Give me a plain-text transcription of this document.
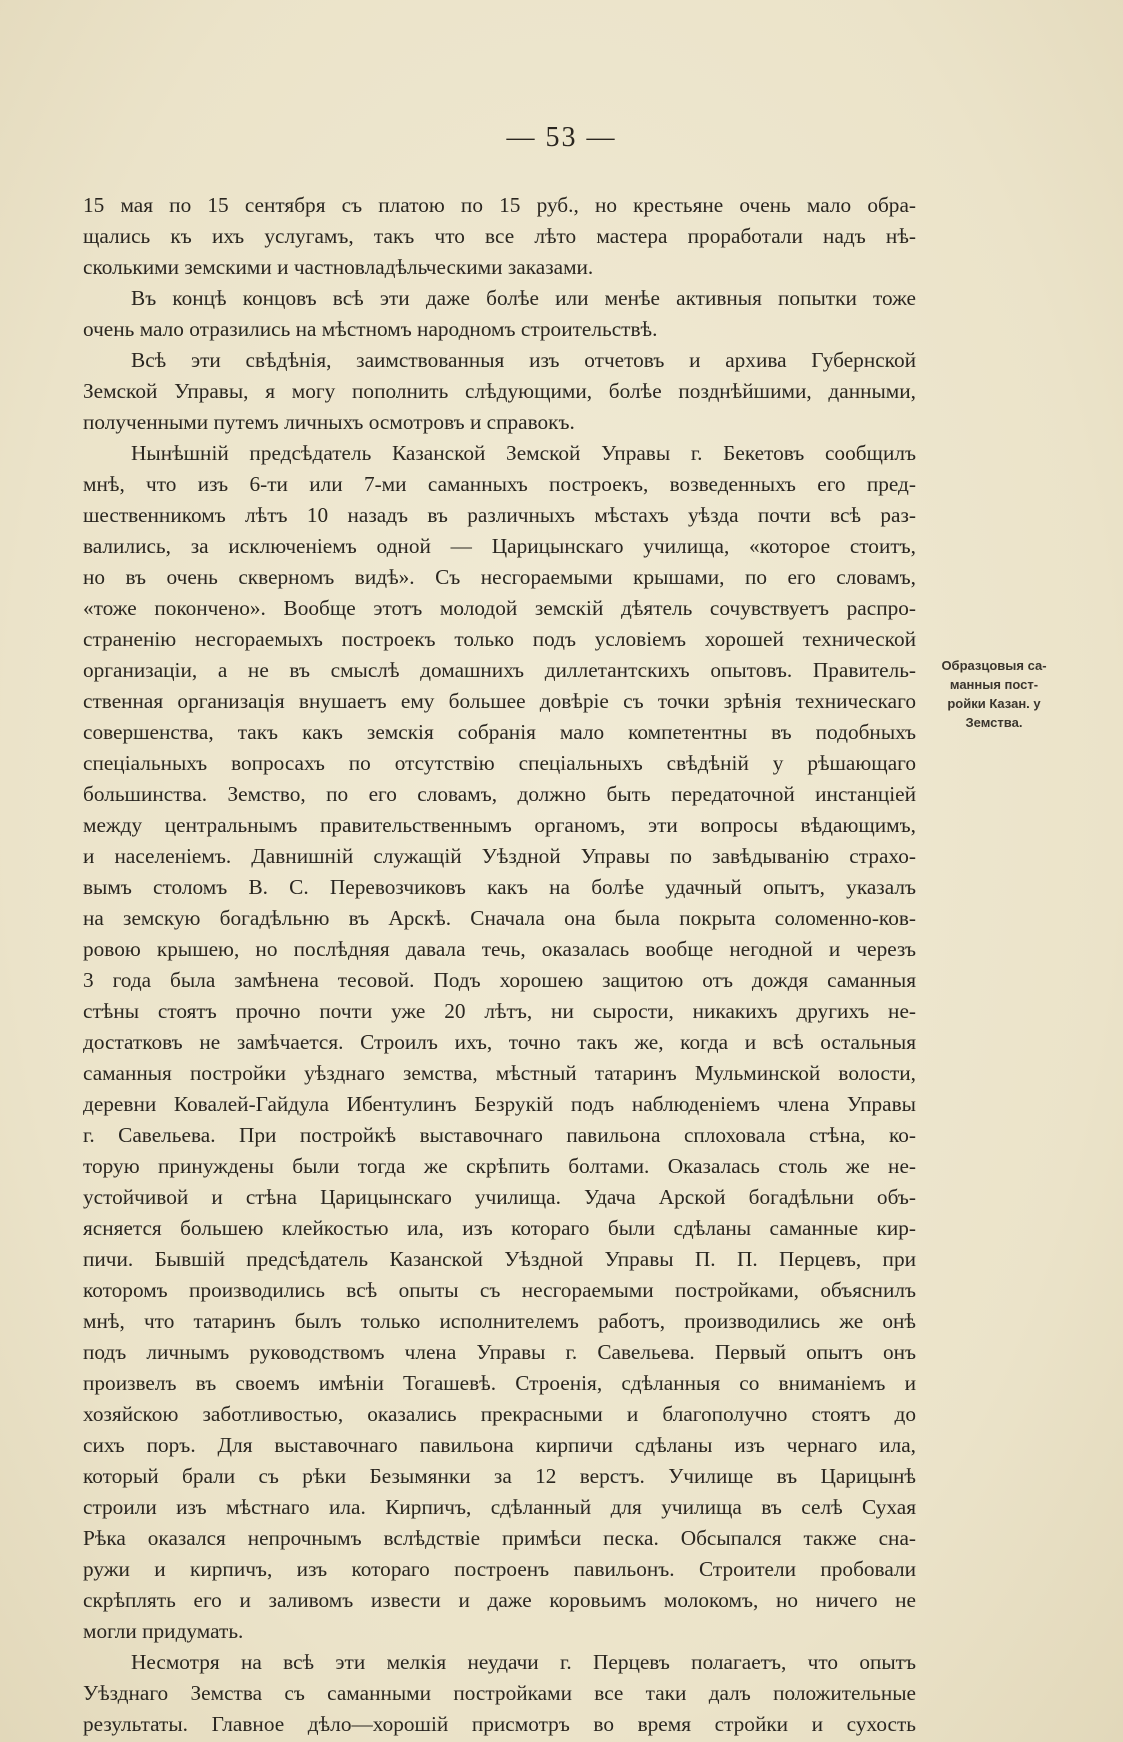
— 53 —
15 мая по 15 сентября съ платою по 15 руб., но крестьяне очень мало обра-
щались къ ихъ услугамъ, такъ что все лѣто мастера проработали надъ нѣ-
сколькими земскими и частновладѣльческими заказами.
Въ концѣ концовъ всѣ эти даже болѣе или менѣе активныя попытки тоже
очень мало отразились на мѣстномъ народномъ строительствѣ.
Всѣ эти свѣдѣнія, заимствованныя изъ отчетовъ и архива Губернской
Земской Управы, я могу пополнить слѣдующими, болѣе позднѣйшими, данными,
полученными путемъ личныхъ осмотровъ и справокъ.
Нынѣшній предсѣдатель Казанской Земской Управы г. Бекетовъ сообщилъ
мнѣ, что изъ 6-ти или 7-ми саманныхъ построекъ, возведенныхъ его пред-
шественникомъ лѣтъ 10 назадъ въ различныхъ мѣстахъ уѣзда почти всѣ раз-
валились, за исключеніемъ одной — Царицынскаго училища, «которое стоитъ,
но въ очень скверномъ видѣ». Съ несгораемыми крышами, по его словамъ,
«тоже покончено». Вообще этотъ молодой земскій дѣятель сочувствуетъ распро-
страненію несгораемыхъ построекъ только подъ условіемъ хорошей технической
организаціи, а не въ смыслѣ домашнихъ диллетантскихъ опытовъ. Правитель-
ственная организація внушаетъ ему большее довѣріе съ точки зрѣнія техническаго
совершенства, такъ какъ земскія собранія мало компетентны въ подобныхъ
спеціальныхъ вопросахъ по отсутствію спеціальныхъ свѣдѣній у рѣшающаго
большинства. Земство, по его словамъ, должно быть передаточной инстанціей
между центральнымъ правительственнымъ органомъ, эти вопросы вѣдающимъ,
и населеніемъ. Давнишній служащій Уѣздной Управы по завѣдыванію страхо-
вымъ столомъ В. С. Перевозчиковъ какъ на болѣе удачный опытъ, указалъ
на земскую богадѣльню въ Арскѣ. Сначала она была покрыта соломенно-ков-
ровою крышею, но послѣдняя давала течь, оказалась вообще негодной и черезъ
3 года была замѣнена тесовой. Подъ хорошею защитою отъ дождя саманныя
стѣны стоятъ прочно почти уже 20 лѣтъ, ни сырости, никакихъ другихъ не-
достатковъ не замѣчается. Строилъ ихъ, точно такъ же, когда и всѣ остальныя
саманныя постройки уѣзднаго земства, мѣстный татаринъ Мульминской волости,
деревни Ковалей-Гайдула Ибентулинъ Безрукій подъ наблюденіемъ члена Управы
г. Савельева. При постройкѣ выставочнаго павильона сплоховала стѣна, ко-
торую принуждены были тогда же скрѣпить болтами. Оказалась столь же не-
устойчивой и стѣна Царицынскаго училища. Удача Арской богадѣльни объ-
ясняется большею клейкостью ила, изъ котораго были сдѣланы саманные кир-
пичи. Бывшій предсѣдатель Казанской Уѣздной Управы П. П. Перцевъ, при
которомъ производились всѣ опыты съ несгораемыми постройками, объяснилъ
мнѣ, что татаринъ былъ только исполнителемъ работъ, производились же онѣ
подъ личнымъ руководствомъ члена Управы г. Савельева. Первый опытъ онъ
произвелъ въ своемъ имѣніи Тогашевѣ. Строенія, сдѣланныя со вниманіемъ и
хозяйскою заботливостью, оказались прекрасными и благополучно стоятъ до
сихъ поръ. Для выставочнаго павильона кирпичи сдѣланы изъ чернаго ила,
который брали съ рѣки Безымянки за 12 верстъ. Училище въ Царицынѣ
строили изъ мѣстнаго ила. Кирпичъ, сдѣланный для училища въ селѣ Сухая
Рѣка оказался непрочнымъ вслѣдствіе примѣси песка. Обсыпался также сна-
ружи и кирпичъ, изъ котораго построенъ павильонъ. Строители пробовали
скрѣплять его и заливомъ извести и даже коровьимъ молокомъ, но ничего не
могли придумать.
Несмотря на всѣ эти мелкія неудачи г. Перцевъ полагаетъ, что опытъ
Уѣзднаго Земства съ саманными постройками все таки далъ положительные
результаты. Главное дѣло—хорошій присмотръ во время стройки и сухость
Образцовыя са-
манныя пост-
ройки Казан. у
Земства.
